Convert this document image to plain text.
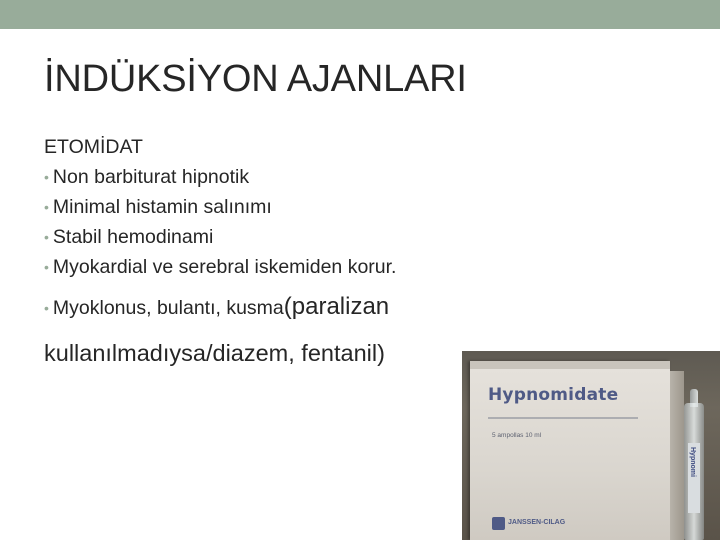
İNDÜKSİYON AJANLARI
ETOMİDAT
• Non barbiturat hipnotik
• Minimal histamin salınımı
• Stabil hemodinami
• Myokardial ve serebral iskemiden korur.
• Myoklonus, bulantı, kusma(paralizan
kullanılmadıysa/diazem, fentanil)
Hypnomidate
5 ampollas 10 ml
JANSSEN-CILAG
Hypnomi
